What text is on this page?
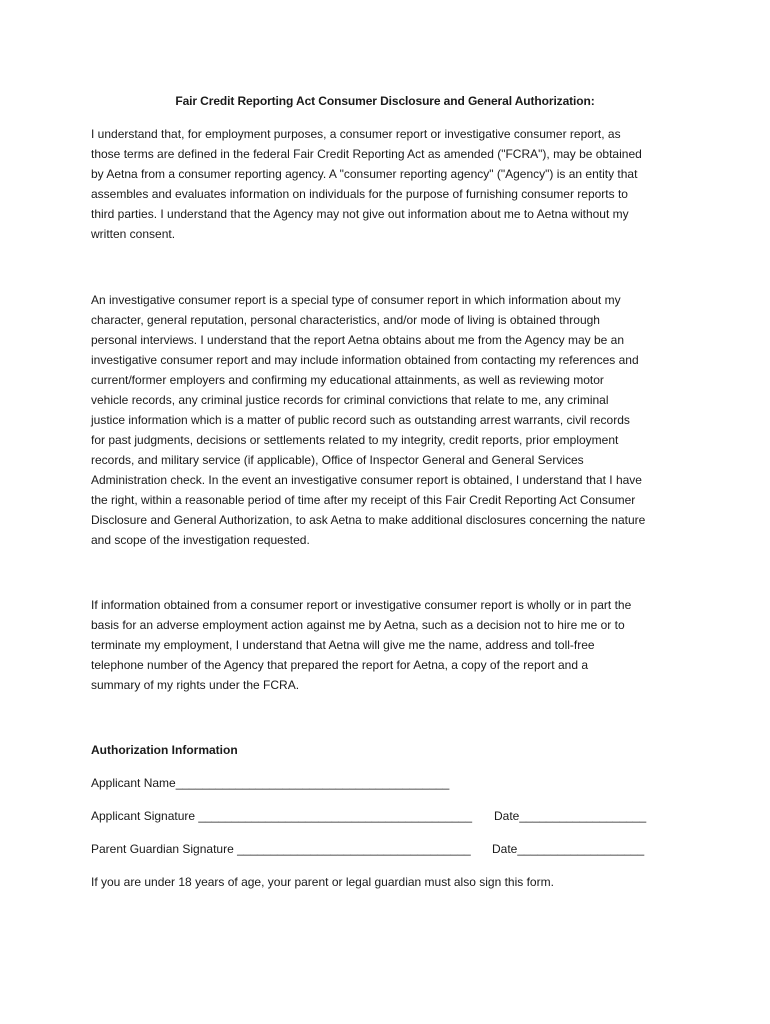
Fair Credit Reporting Act Consumer Disclosure and General Authorization:

I understand that, for employment purposes, a consumer report or investigative consumer report, as
those terms are defined in the federal Fair Credit Reporting Act as amended ("FCRA"), may be obtained
by Aetna from a consumer reporting agency. A "consumer reporting agency" ("Agency") is an entity that
assembles and evaluates information on individuals for the purpose of furnishing consumer reports to
third parties. I understand that the Agency may not give out information about me to Aetna without my
written consent.

An investigative consumer report is a special type of consumer report in which information about my
character, general reputation, personal characteristics, and/or mode of living is obtained through
personal interviews. I understand that the report Aetna obtains about me from the Agency may be an
investigative consumer report and may include information obtained from contacting my references and
current/former employers and confirming my educational attainments, as well as reviewing motor
vehicle records, any criminal justice records for criminal convictions that relate to me, any criminal
justice information which is a matter of public record such as outstanding arrest warrants, civil records
for past judgments, decisions or settlements related to my integrity, credit reports, prior employment
records, and military service (if applicable), Office of Inspector General and General Services
Administration check. In the event an investigative consumer report is obtained, I understand that I have
the right, within a reasonable period of time after my receipt of this Fair Credit Reporting Act Consumer
Disclosure and General Authorization, to ask Aetna to make additional disclosures concerning the nature
and scope of the investigation requested.

If information obtained from a consumer report or investigative consumer report is wholly or in part the
basis for an adverse employment action against me by Aetna, such as a decision not to hire me or to
terminate my employment, I understand that Aetna will give me the name, address and toll-free
telephone number of the Agency that prepared the report for Aetna, a copy of the report and a
summary of my rights under the FCRA.

Authorization Information
Applicant Name_________________________________________
Applicant Signature _________________________________________ Date___________________
Parent Guardian Signature ___________________________________ Date___________________
If you are under 18 years of age, your parent or legal guardian must also sign this form.
